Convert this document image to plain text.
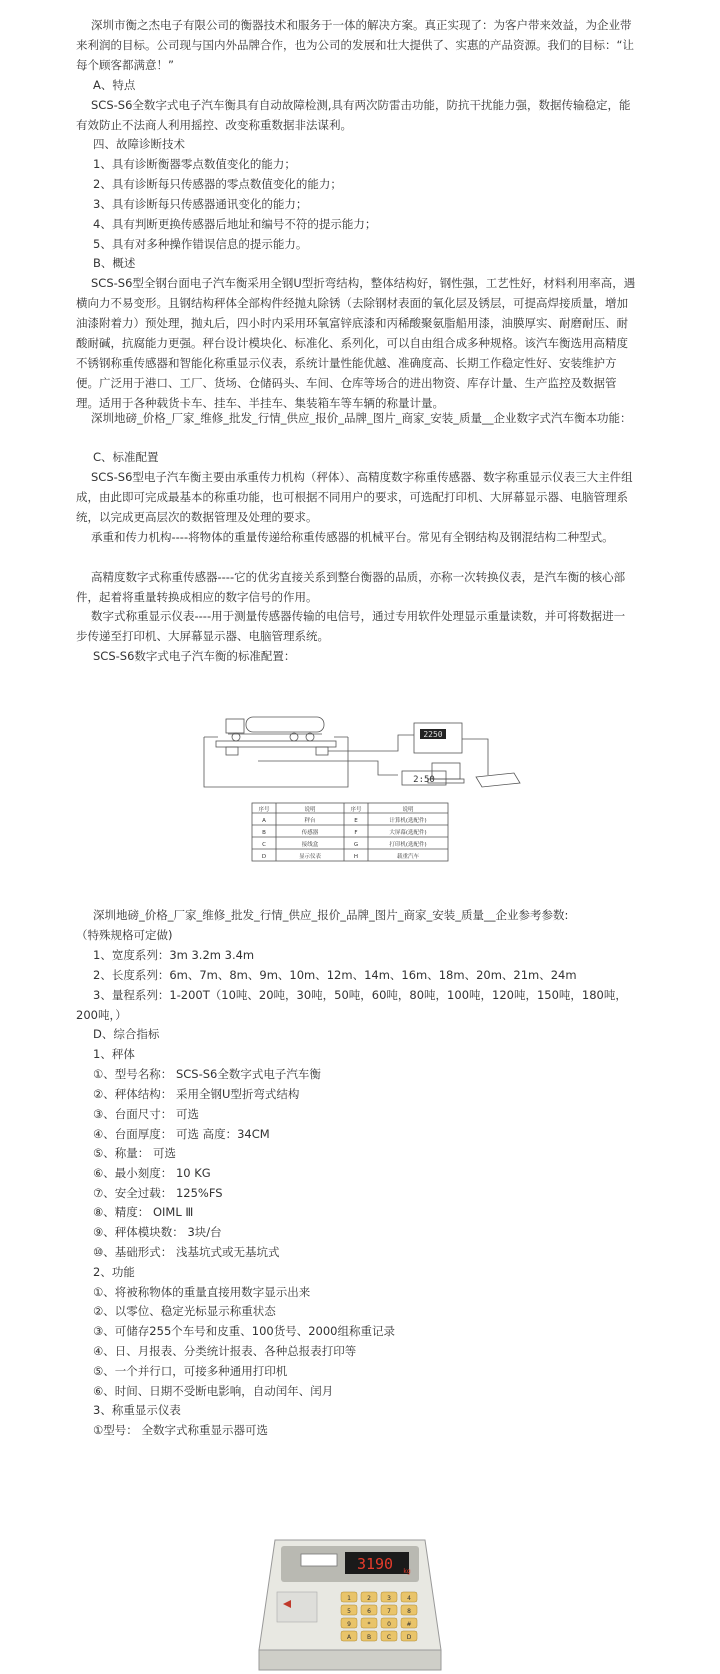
深圳市衡之杰电子有限公司的衡器技术和服务于一体的解决方案。真正实现了：为客户带来效益，为企业带来利润的目标。公司现与国内外品牌合作，也为公司的发展和壮大提供了、实惠的产品资源。我们的目标：“让每个顾客都满意！”

A、特点

SCS-S6全数字式电子汽车衡具有自动故障检测,具有两次防雷击功能，防抗干扰能力强，数据传输稳定，能有效防止不法商人利用摇控、改变称重数据非法谋利。

四、故障诊断技术

1、具有诊断衡器零点数值变化的能力；

2、具有诊断每只传感器的零点数值变化的能力；

3、具有诊断每只传感器通讯变化的能力；

4、具有判断更换传感器后地址和编号不符的提示能力；

5、具有对多种操作错误信息的提示能力。

B、概述

SCS-S6型全钢台面电子汽车衡采用全钢U型折弯结构，整体结构好，钢性强，工艺性好，材料利用率高，遇横向力不易变形。且钢结构秤体全部构件经抛丸除锈（去除钢材表面的氧化层及锈层，可提高焊接质量，增加油漆附着力）预处理，抛丸后，四小时内采用环氧富锌底漆和丙稀酸聚氨脂船用漆，油膜厚实、耐磨耐压、耐酸耐碱，抗腐能力更强。秤台设计模块化、标准化、系列化，可以自由组合成多种规格。该汽车衡选用高精度不锈钢称重传感器和智能化称重显示仪表，系统计量性能优越、准确度高、长期工作稳定性好、安装维护方便。广泛用于港口、工厂、货场、仓储码头、车间、仓库等场合的进出物资、库存计量、生产监控及数据管理。适用于各种载货卡车、挂车、半挂车、集装箱车等车辆的称量计量。

深圳地磅_价格_厂家_维修_批发_行情_供应_报价_品牌_图片_商家_安装_质量__企业数字式汽车衡本功能：

C、标准配置

SCS-S6型电子汽车衡主要由承重传力机构（秤体）、高精度数字称重传感器、数字称重显示仪表三大主件组成，由此即可完成最基本的称重功能，也可根据不同用户的要求，可选配打印机、大屏幕显示器、电脑管理系统，以完成更高层次的数据管理及处理的要求。

承重和传力机构----将物体的重量传递给称重传感器的机械平台。常见有全钢结构及钢混结构二种型式。

高精度数字式称重传感器----它的优劣直接关系到整台衡器的品质，亦称一次转换仪表，是汽车衡的核心部件，起着将重量转换成相应的数字信号的作用。

数字式称重显示仪表----用于测量传感器传输的电信号，通过专用软件处理显示重量读数，并可将数据进一步传递至打印机、大屏幕显示器、电脑管理系统。

SCS-S6数字式电子汽车衡的标准配置：

2250
2:50
序号	说明	序号	说明
A	秤台	E	计算机(选配件)
B	传感器	F	大屏幕(选配件)
C	接线盒	G	打印机(选配件)
D	显示仪表	H	载重汽车

深圳地磅_价格_厂家_维修_批发_行情_供应_报价_品牌_图片_商家_安装_质量__企业参考参数:

（特殊规格可定做)

1、宽度系列：3m 3.2m 3.4m

2、长度系列：6m、7m、8m、9m、10m、12m、14m、16m、18m、20m、21m、24m

3、量程系列：1-200T（10吨、20吨，30吨，50吨，60吨，80吨，100吨，120吨，150吨，180吨，

200吨，）

D、综合指标

1、秤体

①、型号名称： SCS-S6全数字式电子汽车衡

②、秤体结构： 采用全钢U型折弯式结构

③、台面尺寸： 可选

④、台面厚度： 可选 高度：34CM

⑤、称量： 可选

⑥、最小刻度： 10 KG

⑦、安全过载： 125%FS

⑧、精度： OIML Ⅲ

⑨、秤体模块数： 3块/台

⑩、基础形式： 浅基坑式或无基坑式

2、功能

①、将被称物体的重量直接用数字显示出来

②、以零位、稳定光标显示称重状态

③、可储存255个车号和皮重、100货号、2000组称重记录

④、日、月报表、分类统计报表、各种总报表打印等

⑤、一个并行口，可接多种通用打印机

⑥、时间、日期不受断电影响，自动闰年、闰月

3、称重显示仪表

①型号： 全数字式称重显示器可选

3190 kg
1	2	3	4
5	6	7	8
9	*	0	#
A	B	C	D
